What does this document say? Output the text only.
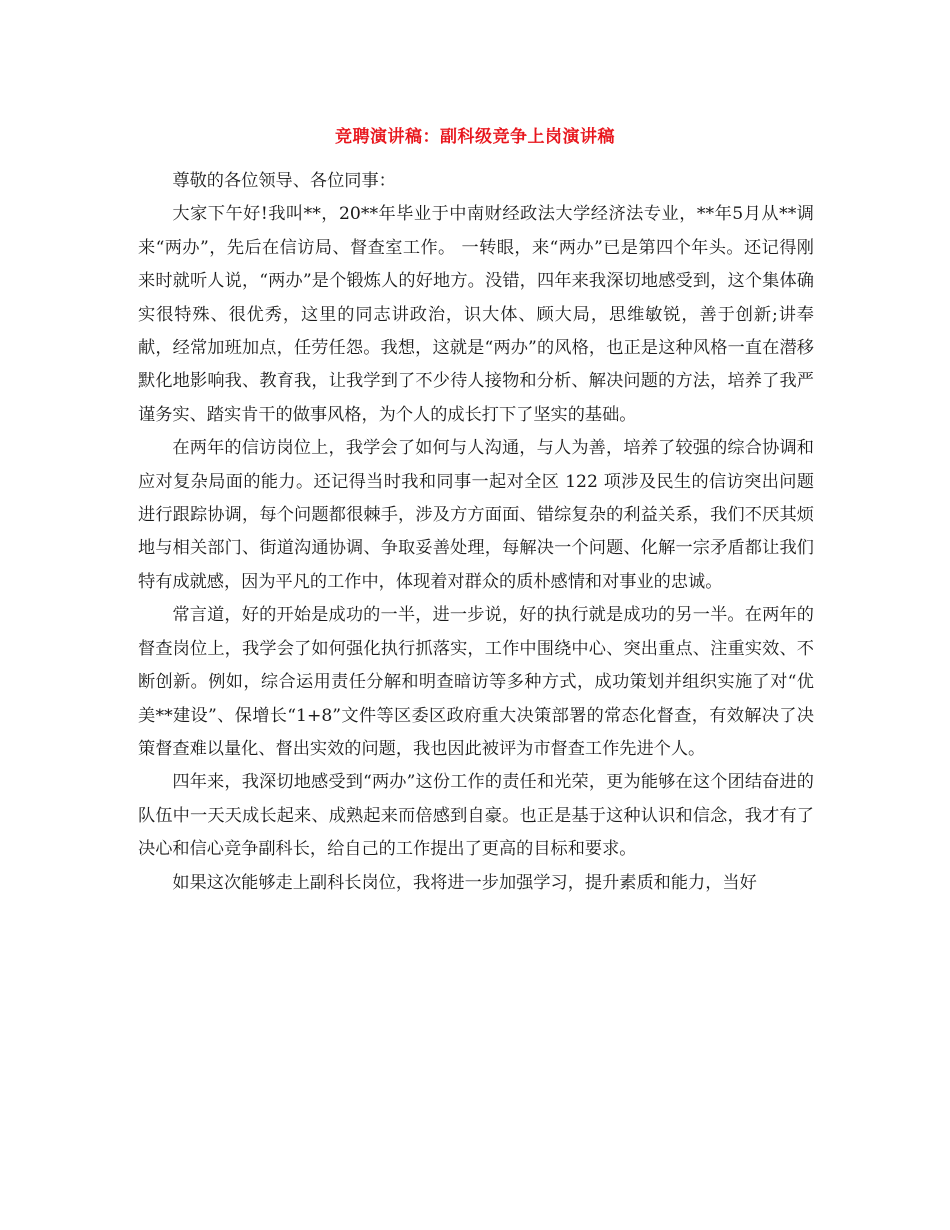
竞聘演讲稿：副科级竞争上岗演讲稿

尊敬的各位领导、各位同事：

大家下午好!我叫**，20**年毕业于中南财经政法大学经济法专业，**年5月从**调来“两办”，先后在信访局、督查室工作。 一转眼，来“两办”已是第四个年头。还记得刚来时就听人说，“两办”是个锻炼人的好地方。没错，四年来我深切地感受到，这个集体确实很特殊、很优秀，这里的同志讲政治，识大体、顾大局，思维敏锐，善于创新;讲奉献，经常加班加点，任劳任怨。我想，这就是“两办”的风格，也正是这种风格一直在潜移默化地影响我、教育我，让我学到了不少待人接物和分析、解决问题的方法，培养了我严谨务实、踏实肯干的做事风格，为个人的成长打下了坚实的基础。

在两年的信访岗位上，我学会了如何与人沟通，与人为善，培养了较强的综合协调和应对复杂局面的能力。还记得当时我和同事一起对全区 122 项涉及民生的信访突出问题进行跟踪协调，每个问题都很棘手，涉及方方面面、错综复杂的利益关系，我们不厌其烦地与相关部门、街道沟通协调、争取妥善处理，每解决一个问题、化解一宗矛盾都让我们特有成就感，因为平凡的工作中，体现着对群众的质朴感情和对事业的忠诚。

常言道，好的开始是成功的一半，进一步说，好的执行就是成功的另一半。在两年的督查岗位上，我学会了如何强化执行抓落实，工作中围绕中心、突出重点、注重实效、不断创新。例如，综合运用责任分解和明查暗访等多种方式，成功策划并组织实施了对“优美**建设”、保增长“1+8”文件等区委区政府重大决策部署的常态化督查，有效解决了决策督查难以量化、督出实效的问题，我也因此被评为市督查工作先进个人。

四年来，我深切地感受到“两办”这份工作的责任和光荣，更为能够在这个团结奋进的队伍中一天天成长起来、成熟起来而倍感到自豪。也正是基于这种认识和信念，我才有了决心和信心竞争副科长，给自己的工作提出了更高的目标和要求。

如果这次能够走上副科长岗位，我将进一步加强学习，提升素质和能力，当好
